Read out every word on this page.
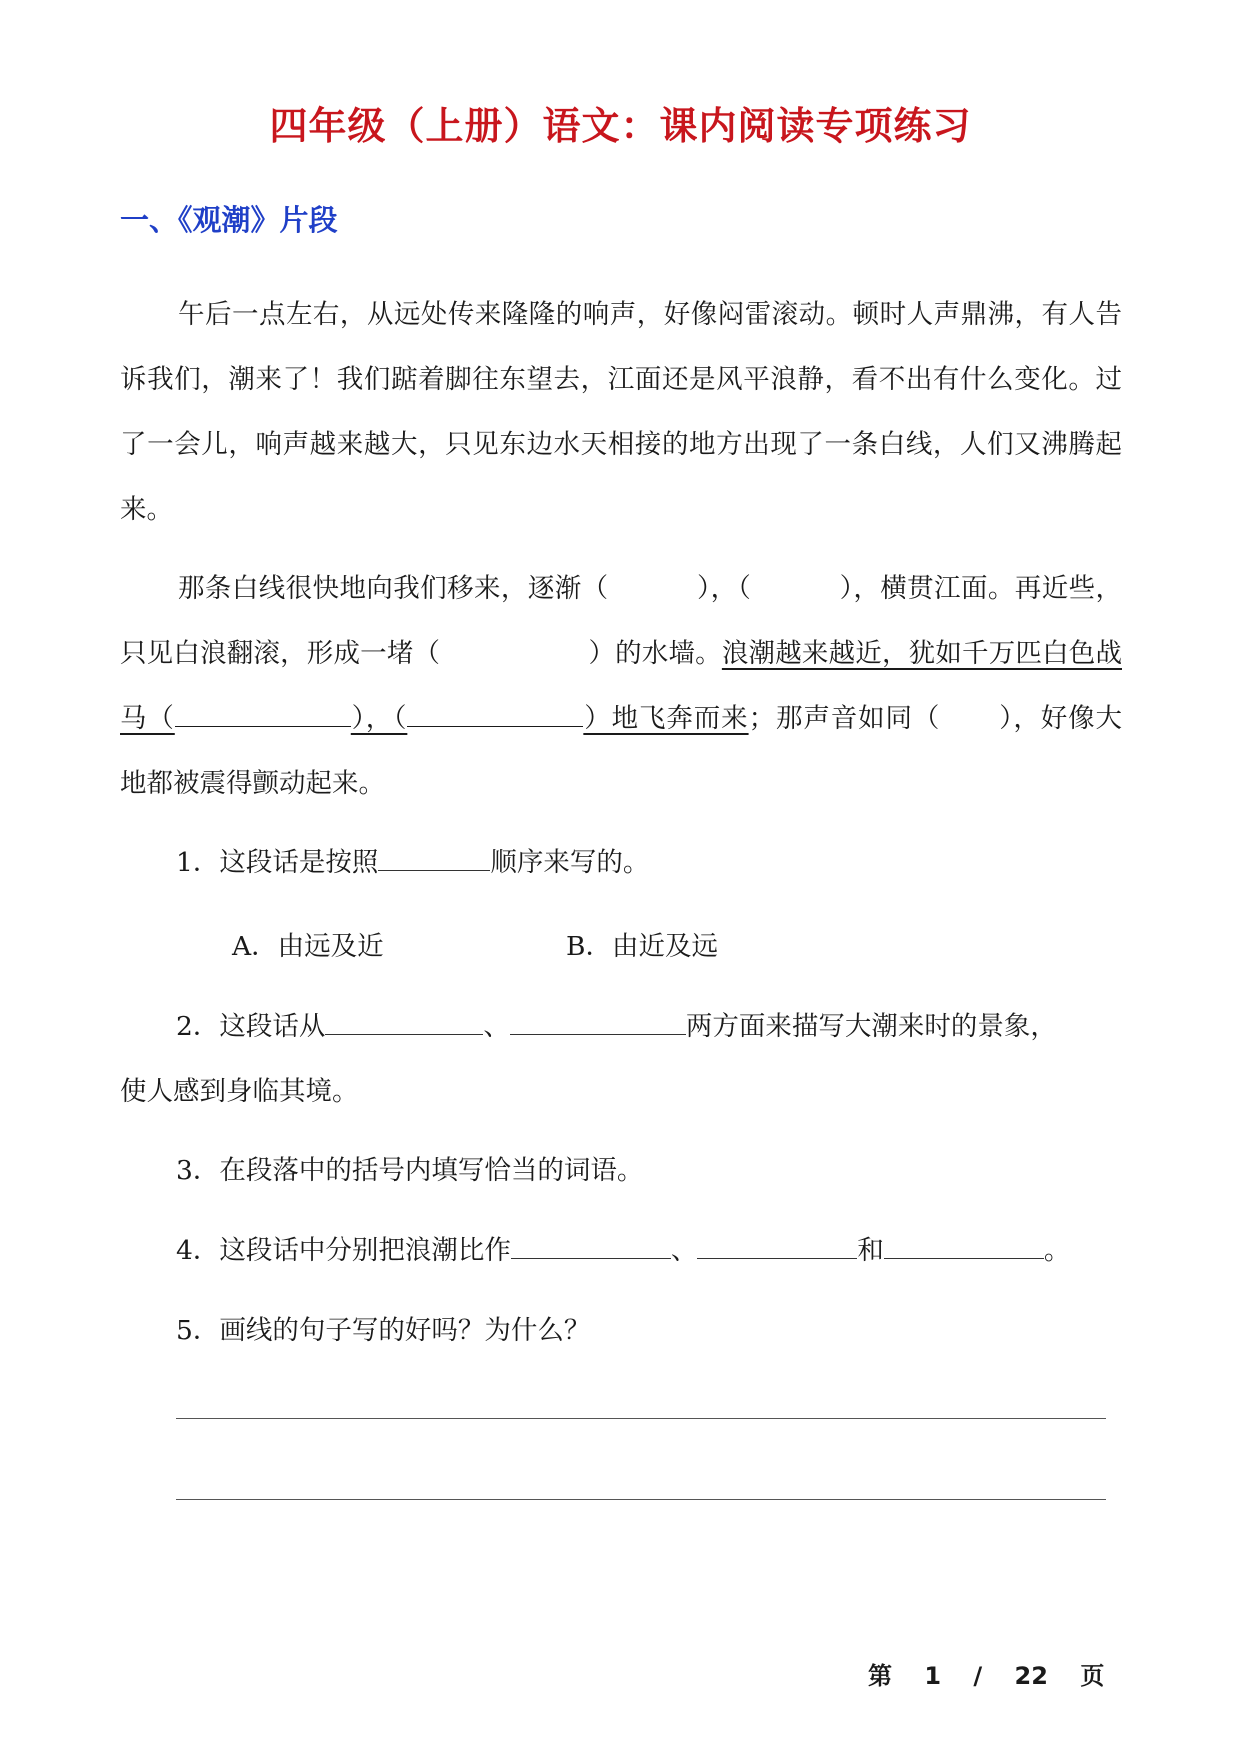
四年级（上册）语文：课内阅读专项练习
一、《观潮》片段

午后一点左右，从远处传来隆隆的响声，好像闷雷滚动。顿时人声鼎沸，有人告诉我们，潮来了！我们踮着脚往东望去，江面还是风平浪静，看不出有什么变化。过了一会儿，响声越来越大，只见东边水天相接的地方出现了一条白线，人们又沸腾起来。

那条白线很快地向我们移来，逐渐（	），（	），横贯江面。再近些，只见白浪翻滚，形成一堵（	）的水墙。浪潮越来越近，犹如千万匹白色战马（	），（	）地飞奔而来；那声音如同（ ），好像大地都被震得颤动起来。

1．这段话是按照	顺序来写的。
A．由远及近	B．由近及远
2．这段话从	、	两方面来描写大潮来时的景象，
使人感到身临其境。
3．在段落中的括号内填写恰当的词语。
4．这段话中分别把浪潮比作	、	和	。
5．画线的句子写的好吗？为什么？
第 1 / 22 页
